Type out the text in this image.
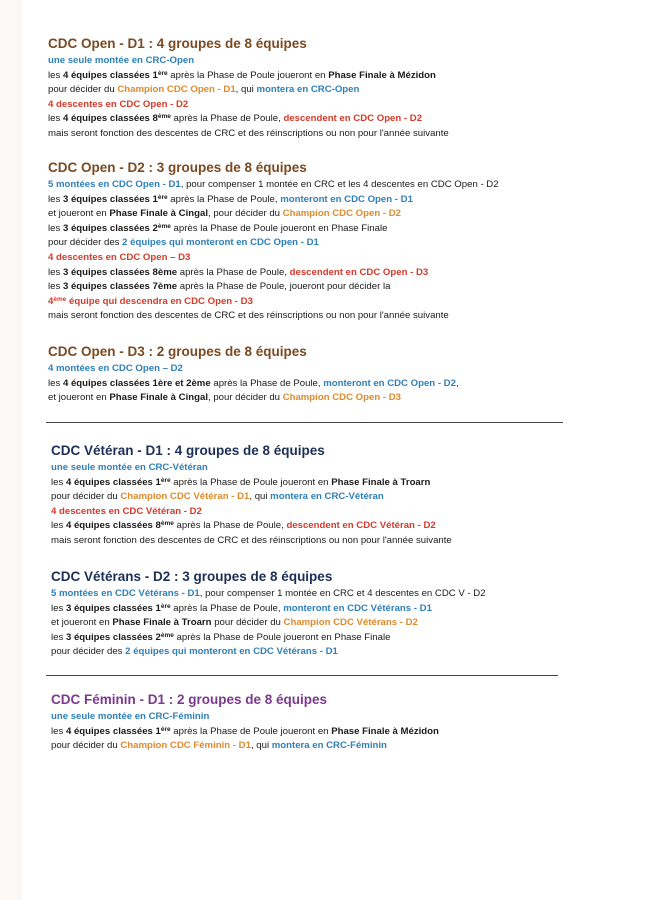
CDC Open - D1 : 4 groupes de 8 équipes
une seule montée en CRC-Open
les 4 équipes classées 1ère après la Phase de Poule joueront en Phase Finale à Mézidon
pour décider du Champion CDC Open - D1, qui montera en CRC-Open
4 descentes en CDC Open - D2
les 4 équipes classées 8ème après la Phase de Poule, descendent en CDC Open - D2
mais seront fonction des descentes de CRC et des réinscriptions ou non pour l'année suivante
CDC Open - D2 : 3 groupes de 8 équipes
5 montées en CDC Open - D1, pour compenser 1 montée en CRC et les 4 descentes en CDC Open - D2
les 3 équipes classées 1ère après la Phase de Poule, monteront en CDC Open - D1
et joueront en Phase Finale à Cingal, pour décider du Champion CDC Open - D2
les 3 équipes classées 2ème après la Phase de Poule joueront en Phase Finale
pour décider des 2 équipes qui monteront en CDC Open - D1
4 descentes en CDC Open – D3
les 3 équipes classées 8ème après la Phase de Poule, descendent en CDC Open - D3
les 3 équipes classées 7ème après la Phase de Poule, joueront pour décider la
4ème équipe qui descendra en CDC Open - D3
mais seront fonction des descentes de CRC et des réinscriptions ou non pour l'année suivante
CDC Open - D3 : 2 groupes de 8 équipes
4 montées en CDC Open – D2
les 4 équipes classées 1ère et 2ème après la Phase de Poule, monteront en CDC Open - D2,
et joueront en Phase Finale à Cingal, pour décider du Champion CDC Open - D3
CDC Vétéran - D1 : 4 groupes de 8 équipes
une seule montée en CRC-Vétéran
les 4 équipes classées 1ère après la Phase de Poule joueront en Phase Finale à Troarn
pour décider du Champion CDC Vétéran - D1, qui montera en CRC-Vétéran
4 descentes en CDC Vétéran - D2
les 4 équipes classées 8ème après la Phase de Poule, descendent en CDC Vétéran - D2
mais seront fonction des descentes de CRC et des réinscriptions ou non pour l'année suivante
CDC Vétérans - D2 : 3 groupes de 8 équipes
5 montées en CDC Vétérans - D1, pour compenser 1 montée en CRC et 4 descentes en CDC V - D2
les 3 équipes classées 1ère après la Phase de Poule, monteront en CDC Vétérans - D1
et joueront en Phase Finale à Troarn pour décider du Champion CDC Vétérans - D2
les 3 équipes classées 2ème après la Phase de Poule joueront en Phase Finale
pour décider des 2 équipes qui monteront en CDC Vétérans - D1
CDC Féminin - D1 : 2 groupes de 8 équipes
une seule montée en CRC-Féminin
les 4 équipes classées 1ère après la Phase de Poule joueront en Phase Finale à Mézidon
pour décider du Champion CDC Féminin - D1, qui montera en CRC-Féminin
